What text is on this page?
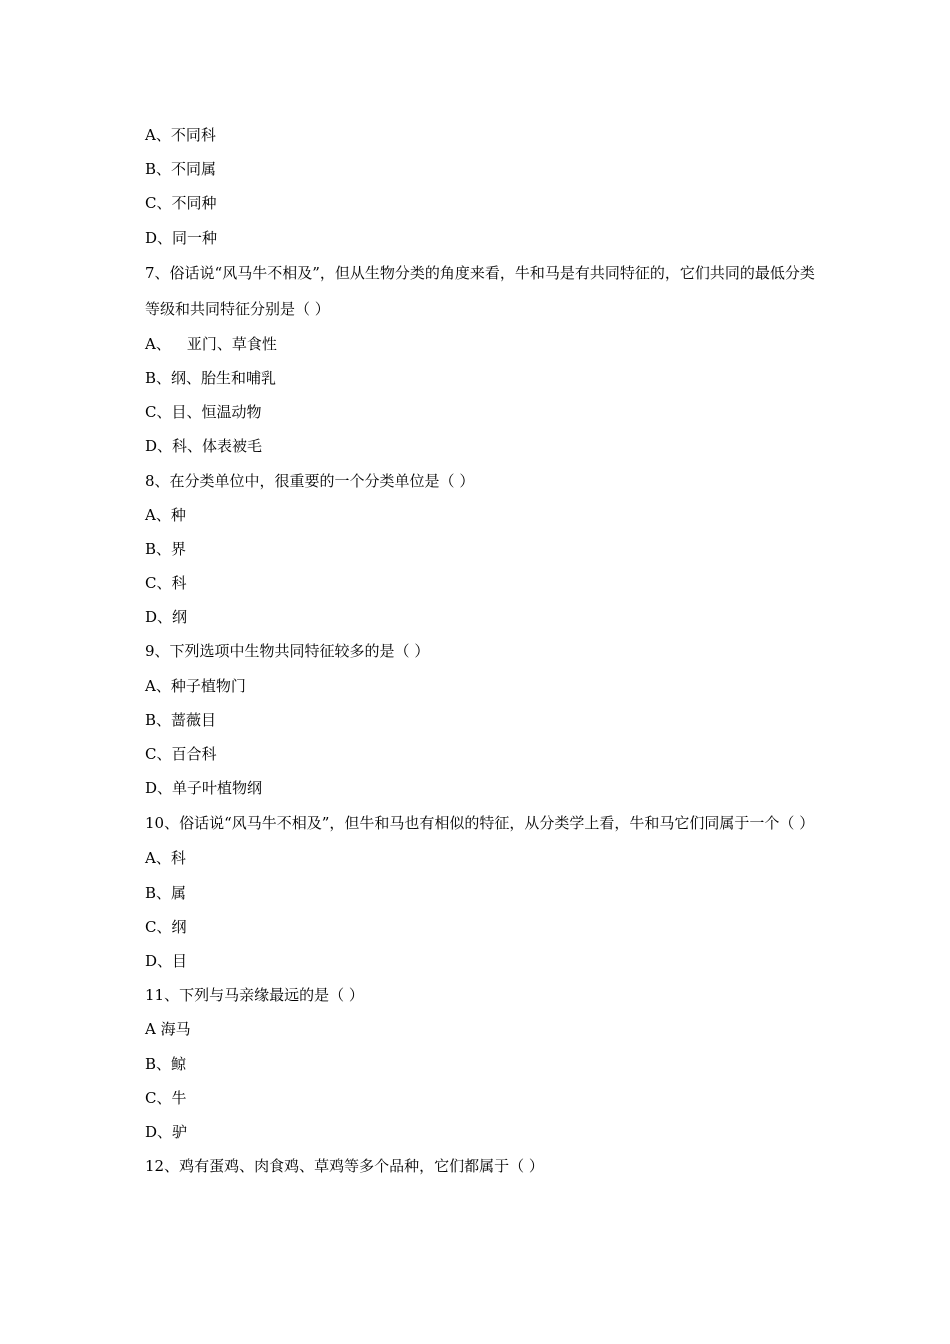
A、不同科
B、不同属
C、不同种
D、同一种
7、俗话说“风马牛不相及”，但从生物分类的角度来看，牛和马是有共同特征的，它们共同的最低分类等级和共同特征分别是（ ）
A、 亚门、草食性
B、纲、胎生和哺乳
C、目、恒温动物
D、科、体表被毛
8、在分类单位中，很重要的一个分类单位是（ ）
A、种
B、界
C、科
D、纲
9、下列选项中生物共同特征较多的是（ ）
A、种子植物门
B、蔷薇目
C、百合科
D、单子叶植物纲
10、俗话说“风马牛不相及”，但牛和马也有相似的特征，从分类学上看，牛和马它们同属于一个（ ）
A、科
B、属
C、纲
D、目
11、下列与马亲缘最远的是（ ）
A 海马
B、鲸
C、牛
D、驴
12、鸡有蛋鸡、肉食鸡、草鸡等多个品种，它们都属于（ ）
